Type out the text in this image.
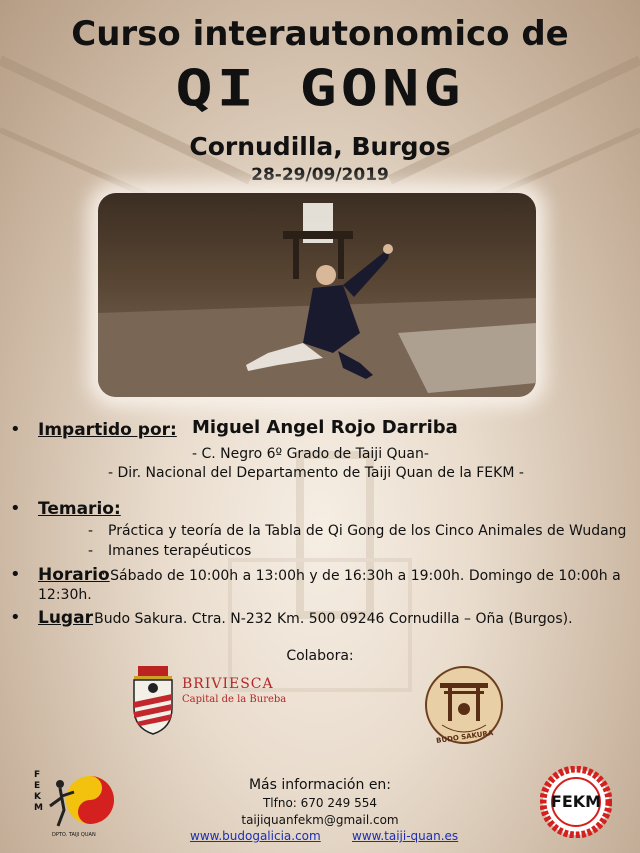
Curso interautonomico de
QI GONG
Cornudilla, Burgos
28-29/09/2019
• Impartido por: Miguel Angel Rojo Darriba
- C. Negro 6º Grado de Taiji Quan-
- Dir. Nacional del Departamento de Taiji Quan de la FEKM -
• Temario:
- Práctica y teoría de la Tabla de Qi Gong de los Cinco Animales de Wudang
- Imanes terapéuticos
• Horario
: Sábado de 10:00h a 13:00h y de 16:30h a 19:00h. Domingo de 10:00h a
12:30h.
• Lugar
: Budo Sakura. Ctra. N-232 Km. 500 09246 Cornudilla – Oña (Burgos).
Colabora:
BRIVIESCA
Capital de la Bureba
BUDO SAKURA
Más información en:
Tlfno: 670 249 554
taijiquanfekm@gmail.com
www.budogalicia.com	www.taiji-quan.es
FEKM
DPTO. TAIJI QUAN
FEKM
